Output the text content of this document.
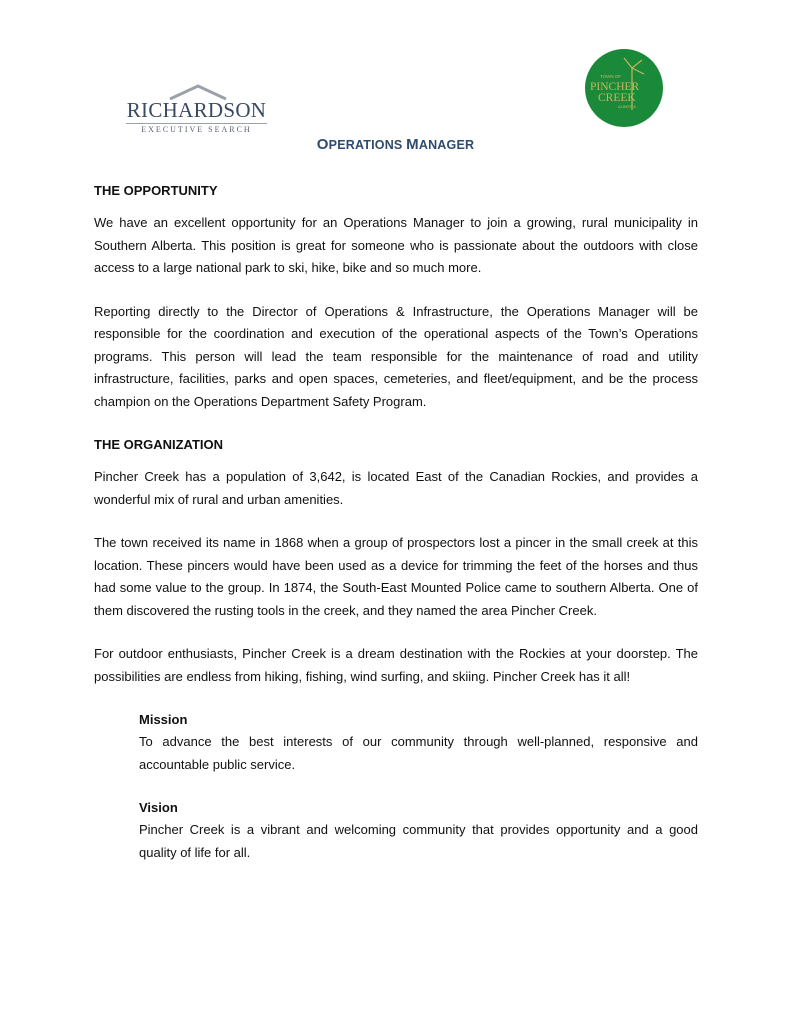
RICHARDSON
EXECUTIVE SEARCH
TOWN OF
PINCHER
CREEK
ALBERTA
OPERATIONS MANAGER

THE OPPORTUNITY

We have an excellent opportunity for an Operations Manager to join a growing, rural municipality in Southern Alberta. This position is great for someone who is passionate about the outdoors with close access to a large national park to ski, hike, bike and so much more.

Reporting directly to the Director of Operations & Infrastructure, the Operations Manager will be responsible for the coordination and execution of the operational aspects of the Town’s Operations programs. This person will lead the team responsible for the maintenance of road and utility infrastructure, facilities, parks and open spaces, cemeteries, and fleet/equipment, and be the process champion on the Operations Department Safety Program.

THE ORGANIZATION

Pincher Creek has a population of 3,642, is located East of the Canadian Rockies, and provides a wonderful mix of rural and urban amenities.

The town received its name in 1868 when a group of prospectors lost a pincer in the small creek at this location. These pincers would have been used as a device for trimming the feet of the horses and thus had some value to the group. In 1874, the South-East Mounted Police came to southern Alberta. One of them discovered the rusting tools in the creek, and they named the area Pincher Creek.

For outdoor enthusiasts, Pincher Creek is a dream destination with the Rockies at your doorstep. The possibilities are endless from hiking, fishing, wind surfing, and skiing. Pincher Creek has it all!

Mission

To advance the best interests of our community through well-planned, responsive and accountable public service.

Vision

Pincher Creek is a vibrant and welcoming community that provides opportunity and a good quality of life for all.
